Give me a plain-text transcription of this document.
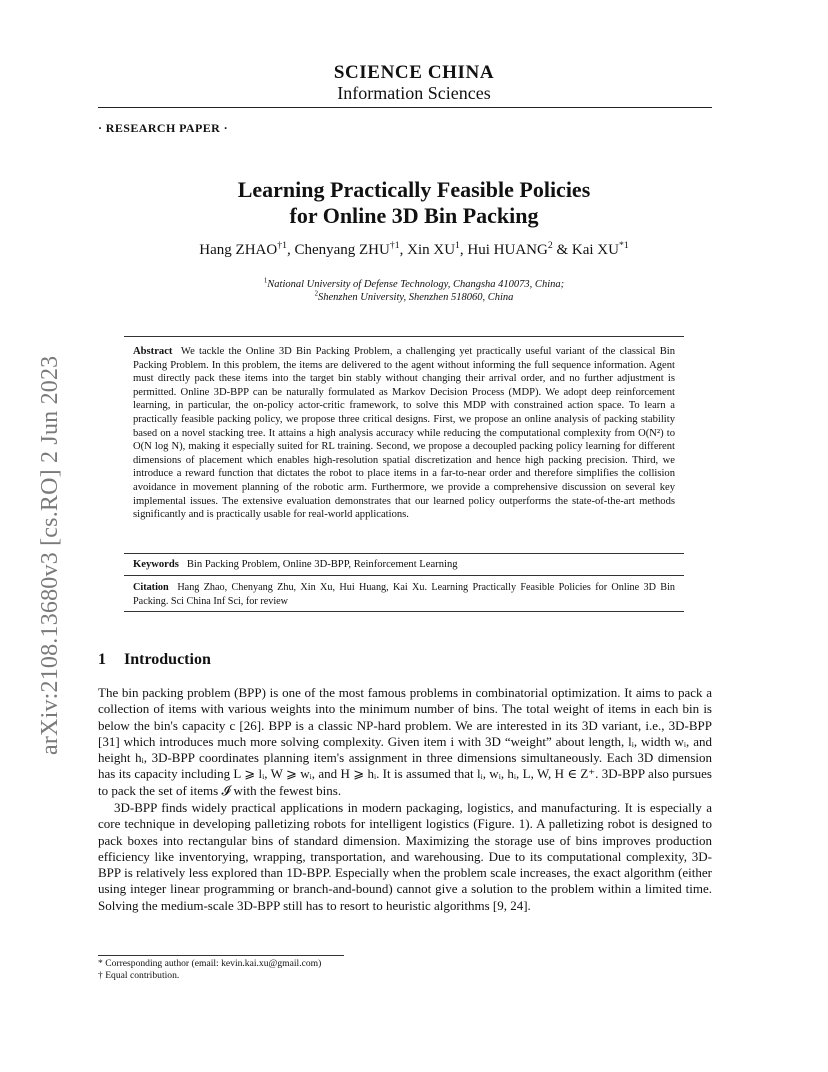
arXiv:2108.13680v3 [cs.RO] 2 Jun 2023
SCIENCE CHINA
Information Sciences
· RESEARCH PAPER ·
Learning Practically Feasible Policies
for Online 3D Bin Packing
Hang ZHAO$^{\dagger 1}$, Chenyang ZHU$^{\dagger 1}$, Xin $XU^1$, Hui HUANG$^2$ & Kai XU$^{*1}$
$^1$National University of Defense Technology, Changsha 410073, China;
$^2$Shenzhen University, Shenzhen 518060, China
Abstract We tackle the Online 3D Bin Packing Problem, a challenging yet practically useful variant of the classical Bin Packing Problem. In this problem, the items are delivered to the agent without informing the full sequence information. Agent must directly pack these items into the target bin stably without changing their arrival order, and no further adjustment is permitted. Online 3D-BPP can be naturally formulated as Markov Decision Process (MDP). We adopt deep reinforcement learning, in particular, the on-policy actor-critic framework, to solve this MDP with constrained action space. To learn a practically feasible packing policy, we propose three critical designs. First, we propose an online analysis of packing stability based on a novel stacking tree. It attains a high analysis accuracy while reducing the computational complexity from O(N²) to O(N log N), making it especially suited for RL training. Second, we propose a decoupled packing policy learning for different dimensions of placement which enables high-resolution spatial discretization and hence high packing precision. Third, we introduce a reward function that dictates the robot to place items in a far-to-near order and therefore simplifies the collision avoidance in movement planning of the robotic arm. Furthermore, we provide a comprehensive discussion on several key implemental issues. The extensive evaluation demonstrates that our learned policy outperforms the state-of-the-art methods significantly and is practically usable for real-world applications.
Keywords Bin Packing Problem, Online 3D-BPP, Reinforcement Learning
Citation Hang Zhao, Chenyang Zhu, Xin Xu, Hui Huang, Kai Xu. Learning Practically Feasible Policies for Online 3D Bin Packing. Sci China Inf Sci, for review
1 Introduction
The bin packing problem (BPP) is one of the most famous problems in combinatorial optimization. It aims to pack a collection of items with various weights into the minimum number of bins. The total weight of items in each bin is below the bin's capacity c [26]. BPP is a classic NP-hard problem. We are interested in its 3D variant, i.e., 3D-BPP [31] which introduces much more solving complexity. Given item i with 3D “weight” about length, lᵢ, width wᵢ, and height hᵢ, 3D-BPP coordinates planning item's assignment in three dimensions simultaneously. Each 3D dimension has its capacity including L ⩾ lᵢ, W ⩾ wᵢ, and H ⩾ hᵢ. It is assumed that lᵢ, wᵢ, hᵢ, L, W, H ∈ Z⁺. 3D-BPP also pursues to pack the set of items 𝓘 with the fewest bins.
3D-BPP finds widely practical applications in modern packaging, logistics, and manufacturing. It is especially a core technique in developing palletizing robots for intelligent logistics (Figure. 1). A palletizing robot is designed to pack boxes into rectangular bins of standard dimension. Maximizing the storage use of bins improves production efficiency like inventorying, wrapping, transportation, and warehousing. Due to its computational complexity, 3D-BPP is relatively less explored than 1D-BPP. Especially when the problem scale increases, the exact algorithm (either using integer linear programming or branch-and-bound) cannot give a solution to the problem within a limited time. Solving the medium-scale 3D-BPP still has to resort to heuristic algorithms [9, 24].
* Corresponding author (email: kevin.kai.xu@gmail.com)
† Equal contribution.
